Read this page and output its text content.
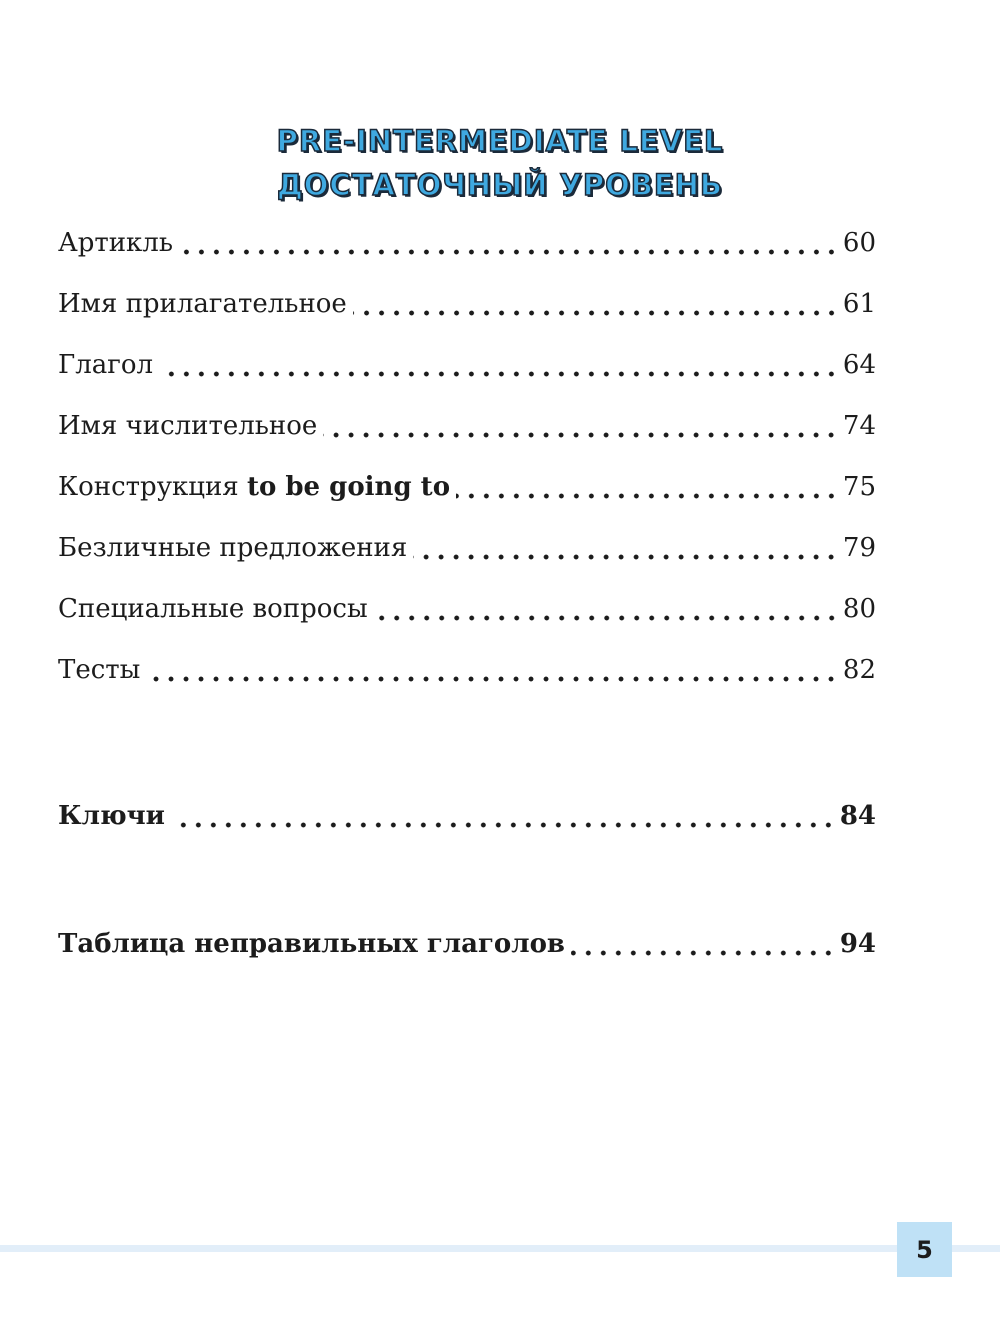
PRE-INTERMEDIATE LEVEL
ДОСТАТОЧНЫЙ УРОВЕНЬ
Артикль	60
Имя прилагательное	61
Глагол	64
Имя числительное	74
Конструкция to be going to	75
Безличные предложения	79
Специальные вопросы	80
Тесты	82
Ключи	84
Таблица неправильных глаголов	94
5
